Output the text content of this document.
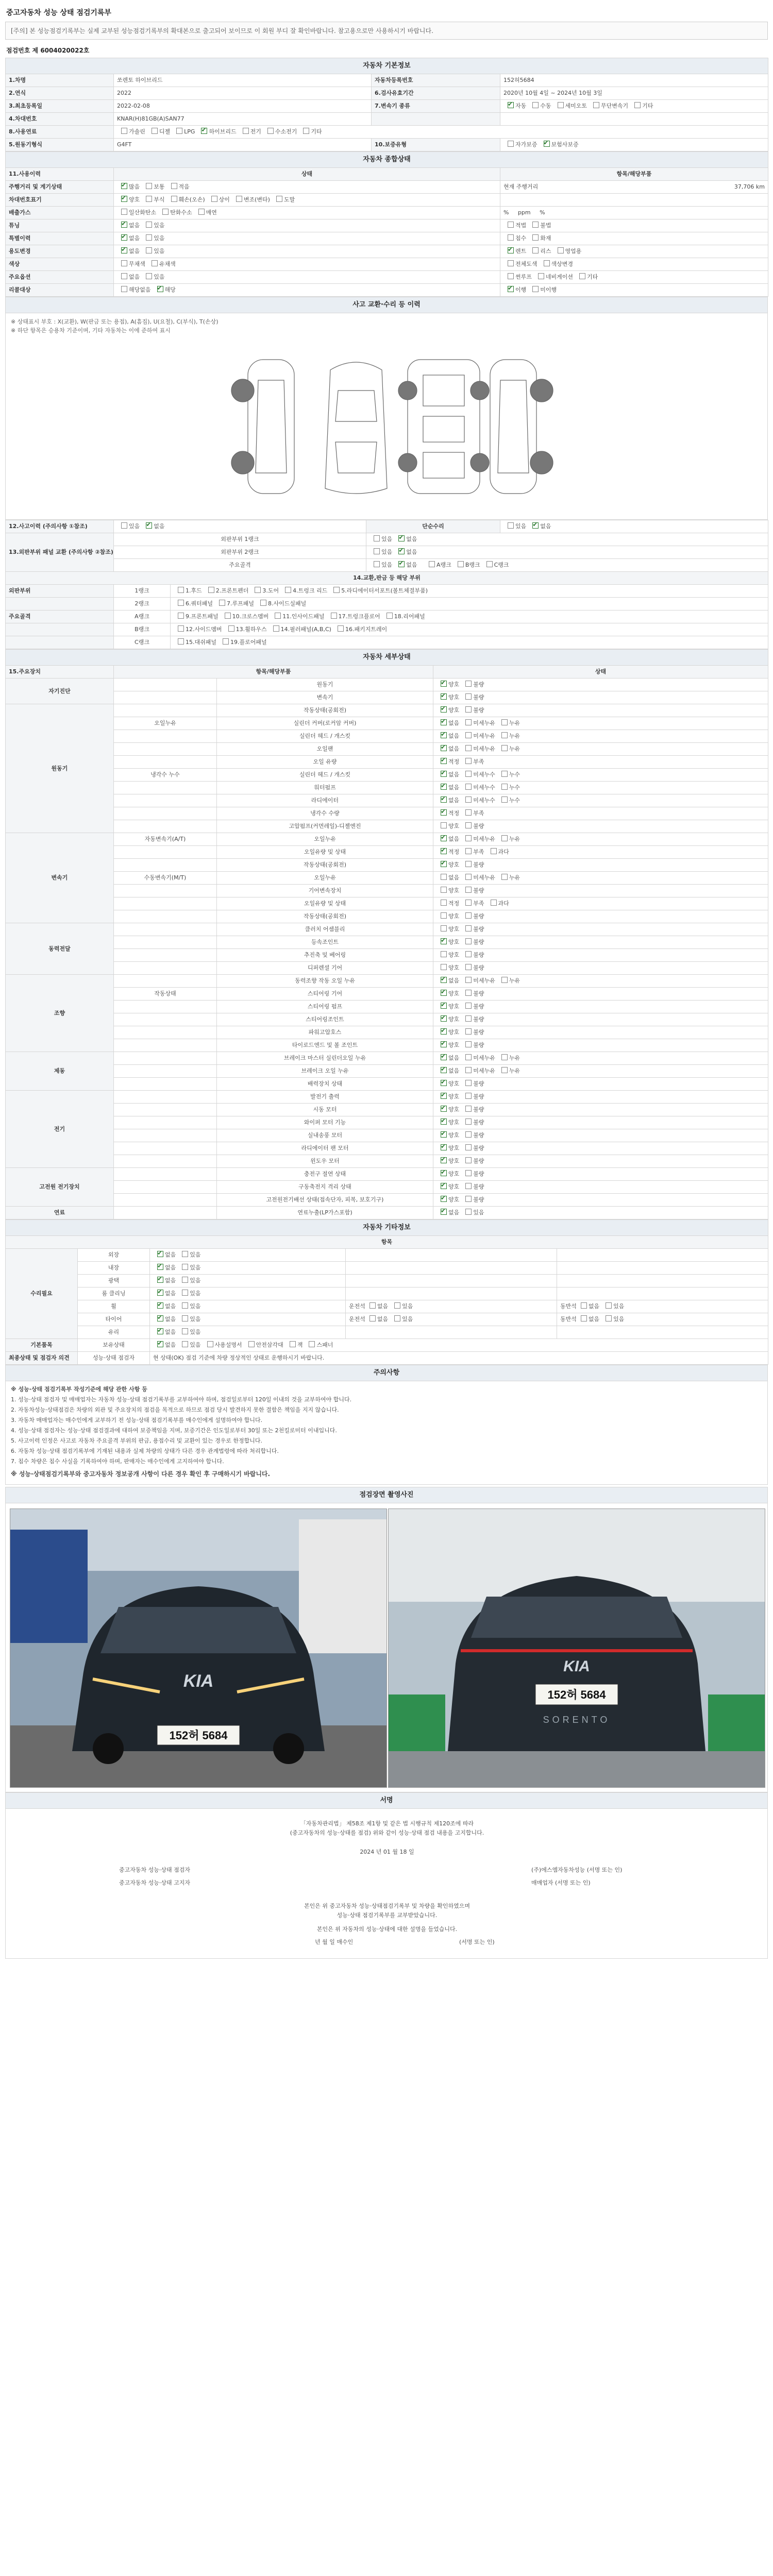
중고자동차 성능 상태 점검기록부
[주의] 본 성능점검기록부는 실제 교부된 성능점검기록부의 확대본으로 출고되어 보이므로 이 회원 부디 잘 확인바랍니다. 참고용으로만 사용하시기 바랍니다.
점검번호 제 6004020022호
자동차 기본정보			
1.차명	쏘렌토 하이브리드	자동차등록번호	152허5684
2.연식	2022	6.검사유효기간	2020년 10월 4일 ~ 2024년 10월 3일
3.최초등록일	2022-02-08	7.변속기 종류	✔자동 수동 세미오토 무단변속기 기타
4.차대번호	KNAR(H)81GB(A)SAN77		
8.사용연료	가솔린 디젤 LPG ✔ 하이브리드 전기 수소전기 기타
5.원동기형식	G4FT	10.보증유형	자가보증 ✔ 보험사보증
자동차 종합상태		
11.사용이력	상태	항목/해당부품
주행거리 및 계기상태	✔많음 보통 적음	현재 주행거리 37,706 km

차대번호표기	✔양호 부식 훼손(오손) 상이 변조(변타) 도말	
배출가스	일산화탄소 탄화수소 매연	% ppm %
튜닝	✔없음 있음	적법 불법
특별이력	✔없음 있음	침수 화재
용도변경	✔없음 있음	✔렌트 리스 영업용
색상	무채색 유채색	전체도색 색상변경
주요옵션	없음 있음	썬루프 네비게이션 기타
리콜대상	해당없음 ✔ 해당	✔이행 미이행
사고 교환·수리 등 이력
※ 상태표시 부호 : X(교환), W(판금 또는 용접), A(흠집), U(요철), C(부식), T(손상)
※ 하단 항목은 승용차 기준이며, 기타 자동차는 이에 준하여 표시
12.사고이력 (주의사항 ①참조)	있음 ✔ 없음		단순수리	있음 ✔ 없음
13.외판부위 패널 교환 (주의사항 ②참조)	외판부위 1랭크		있음 ✔ 없음
	외판부위 2랭크		있음 ✔ 없음
	주요골격		있음 ✔ 없음 A랭크 B랭크 C랭크
14.교환,판금 등 해당 부위				
외판부위	1랭크	1.후드 2.프론트펜더 3.도어 4.트렁크 리드 5.라디에이터서포트(볼트체결부품)		
	2랭크	6.쿼터패널 7.루프패널 8.사이드실패널		
주요골격	A랭크	9.프론트패널 10.크로스멤버 11.인사이드패널 17.트렁크플로어 18.리어패널		
	B랭크	12.사이드멤버 13.휠하우스 14.필러패널(A,B,C) 16.패키지트레이		
	C랭크	15.대쉬패널 19.플로어패널		
자동차 세부상태			
15.주요장치	항목/해당부품		상태
자기진단		원동기	✔양호 불량
		변속기	✔양호 불량
원동기		작동상태(공회전)	✔양호 불량
	오일누유	실린더 커버(로커암 커버)	✔없음 미세누유 누유
		실린더 헤드 / 개스킷	✔없음 미세누유 누유
		오일팬	✔없음 미세누유 누유
		오일 유량	✔적정 부족
	냉각수 누수	실린더 헤드 / 개스킷	✔없음 미세누수 누수
		워터펌프	✔없음 미세누수 누수
		라디에이터	✔없음 미세누수 누수
		냉각수 수량	✔적정 부족
		고압펌프(커먼레일)-디젤엔진	양호 불량
변속기	자동변속기(A/T)	오일누유	✔없음 미세누유 누유
		오일유량 및 상태	✔적정 부족 과다
		작동상태(공회전)	✔양호 불량
	수동변속기(M/T)	오일누유	없음 미세누유 누유
		기어변속장치	양호 불량
		오일유량 및 상태	적정 부족 과다
		작동상태(공회전)	양호 불량
동력전달		클러치 어셈블리	양호 불량
		등속조인트	✔양호 불량
		추진축 및 베어링	양호 불량
		디퍼렌셜 기어	양호 불량
조향		동력조향 작동 오일 누유	✔없음 미세누유 누유
	작동상태	스티어링 기어	✔양호 불량
		스티어링 펌프	✔양호 불량
		스티어링조인트	✔양호 불량
		파워고압호스	✔양호 불량
		타이로드엔드 및 볼 조인트	✔양호 불량
제동		브레이크 마스터 실린더오일 누유	✔없음 미세누유 누유
		브레이크 오일 누유	✔없음 미세누유 누유
		배력장치 상태	✔양호 불량
전기		발전기 출력	✔양호 불량
		시동 모터	✔양호 불량
		와이퍼 모터 기능	✔양호 불량
		실내송풍 모터	✔양호 불량
		라디에이터 팬 모터	✔양호 불량
		윈도우 모터	✔양호 불량
고전원 전기장치		충전구 절연 상태	✔양호 불량
		구동축전지 격리 상태	✔양호 불량
		고전원전기배선 상태(접속단자, 피복, 보호기구)	✔양호 불량
연료		연료누출(LP가스포함)	✔없음 있음
자동차 기타정보				
항목				
수리필요	외장	✔없음 있음		
	내장	✔없음 있음		
	광택	✔없음 있음		
	룸 클리닝	✔없음 있음		
	휠	✔없음 있음	운전석 없음 있음	동반석 없음 있음
	타이어	✔없음 있음	운전석 없음 있음	동반석 없음 있음
	유리	✔없음 있음		
기본품목	보유상태	✔없음 있음 사용설명서 안전삼각대 잭 스패너
최종상태 및 점검자 의견	성능·상태 점검자	현 상태(OK) 점검 기준에 차량 정상적인 상태로 운행하시기 바랍니다.		
주의사항

※ 성능·상태 점검기록부 작성기준에 해당 관한 사항 등

1. 성능·상태 점검자 및 매매업자는 자동차 성능·상태 점검기록부를 교부하여야 하며, 점검일로부터 120일 이내의 것을 교부하여야 합니다.

2. 자동차성능·상태점검은 차량의 외관 및 주요장치의 점검을 목적으로 하므로 점검 당시 발견하지 못한 결함은 책임을 지지 않습니다.

3. 자동차 매매업자는 매수인에게 교부하기 전 성능·상태 점검기록부를 매수인에게 설명하여야 합니다.

4. 성능·상태 점검자는 성능·상태 점검결과에 대하여 보증책임을 지며, 보증기간은 인도일로부터 30일 또는 2천킬로미터 이내입니다.

5. 사고이력 인정은 사고로 자동차 주요골격 부위의 판금, 용접수리 및 교환이 있는 경우로 한정합니다.

6. 자동차 성능·상태 점검기록부에 기재된 내용과 실제 차량의 상태가 다른 경우 관계법령에 따라 처리합니다.

7. 침수 차량은 침수 사실을 기록하여야 하며, 판매자는 매수인에게 고지하여야 합니다.

※ 성능·상태점검기록부와 중고자동차 정보공개 사항이 다른 경우 확인 후 구매하시기 바랍니다.

점검장면 촬영사진
KIA
152허 5684
KIA
152허 5684
SORENTO
서명
「자동차관리법」 제58조 제1항 및 같은 법 시행규칙 제120조에 따라
(중고자동차의 성능·상태를 점검) 위와 같이 성능·상태 점검 내용을 고지합니다.
2024 년 01 월 18 일
중고자동차 성능·상태 점검자
중고자동차 성능·상태 고지자
(주)에스엠자동차성능 (서명 또는 인)
매매업자 (서명 또는 인)
본인은 위 중고자동차 성능·상태점검기록부 및 차량을 확인하였으며
성능·상태 점검기록부를 교부받았습니다.
본인은 위 자동차의 성능·상태에 대한 설명을 들었습니다.
년 월 일 매수인	(서명 또는 인)
